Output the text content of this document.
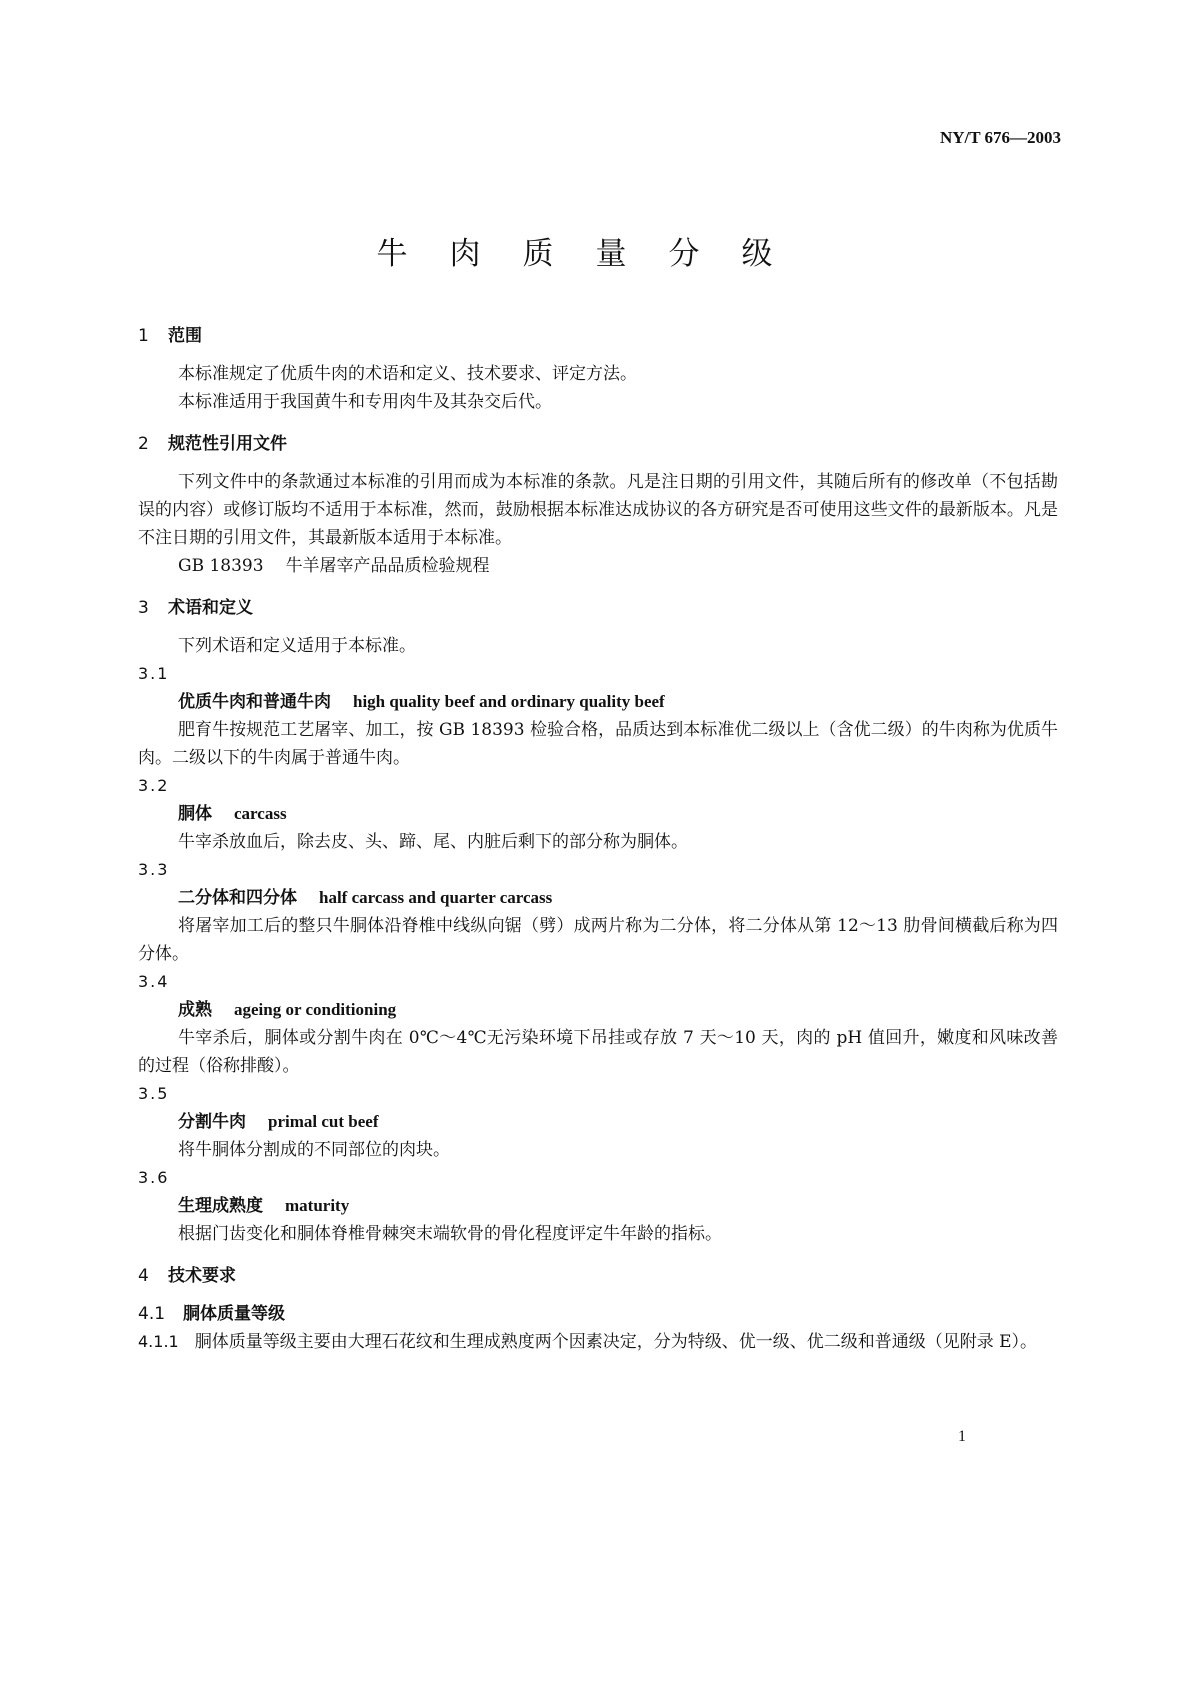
NY/T 676—2003
牛肉质量分级
1 范围
本标准规定了优质牛肉的术语和定义、技术要求、评定方法。
本标准适用于我国黄牛和专用肉牛及其杂交后代。
2 规范性引用文件
下列文件中的条款通过本标准的引用而成为本标准的条款。凡是注日期的引用文件，其随后所有的修改单（不包括勘误的内容）或修订版均不适用于本标准，然而，鼓励根据本标准达成协议的各方研究是否可使用这些文件的最新版本。凡是不注日期的引用文件，其最新版本适用于本标准。
GB 18393 牛羊屠宰产品品质检验规程
3 术语和定义
下列术语和定义适用于本标准。
3.1
优质牛肉和普通牛肉 high quality beef and ordinary quality beef
肥育牛按规范工艺屠宰、加工，按 GB 18393 检验合格，品质达到本标准优二级以上（含优二级）的牛肉称为优质牛肉。二级以下的牛肉属于普通牛肉。
3.2
胴体 carcass
牛宰杀放血后，除去皮、头、蹄、尾、内脏后剩下的部分称为胴体。
3.3
二分体和四分体 half carcass and quarter carcass
将屠宰加工后的整只牛胴体沿脊椎中线纵向锯（劈）成两片称为二分体，将二分体从第 12～13 肋骨间横截后称为四分体。
3.4
成熟 ageing or conditioning
牛宰杀后，胴体或分割牛肉在 0℃～4℃无污染环境下吊挂或存放 7 天～10 天，肉的 pH 值回升，嫩度和风味改善的过程（俗称排酸）。
3.5
分割牛肉 primal cut beef
将牛胴体分割成的不同部位的肉块。
3.6
生理成熟度 maturity
根据门齿变化和胴体脊椎骨棘突末端软骨的骨化程度评定牛年龄的指标。
4 技术要求
4.1 胴体质量等级
4.1.1 胴体质量等级主要由大理石花纹和生理成熟度两个因素决定，分为特级、优一级、优二级和普通级（见附录 E）。
1
